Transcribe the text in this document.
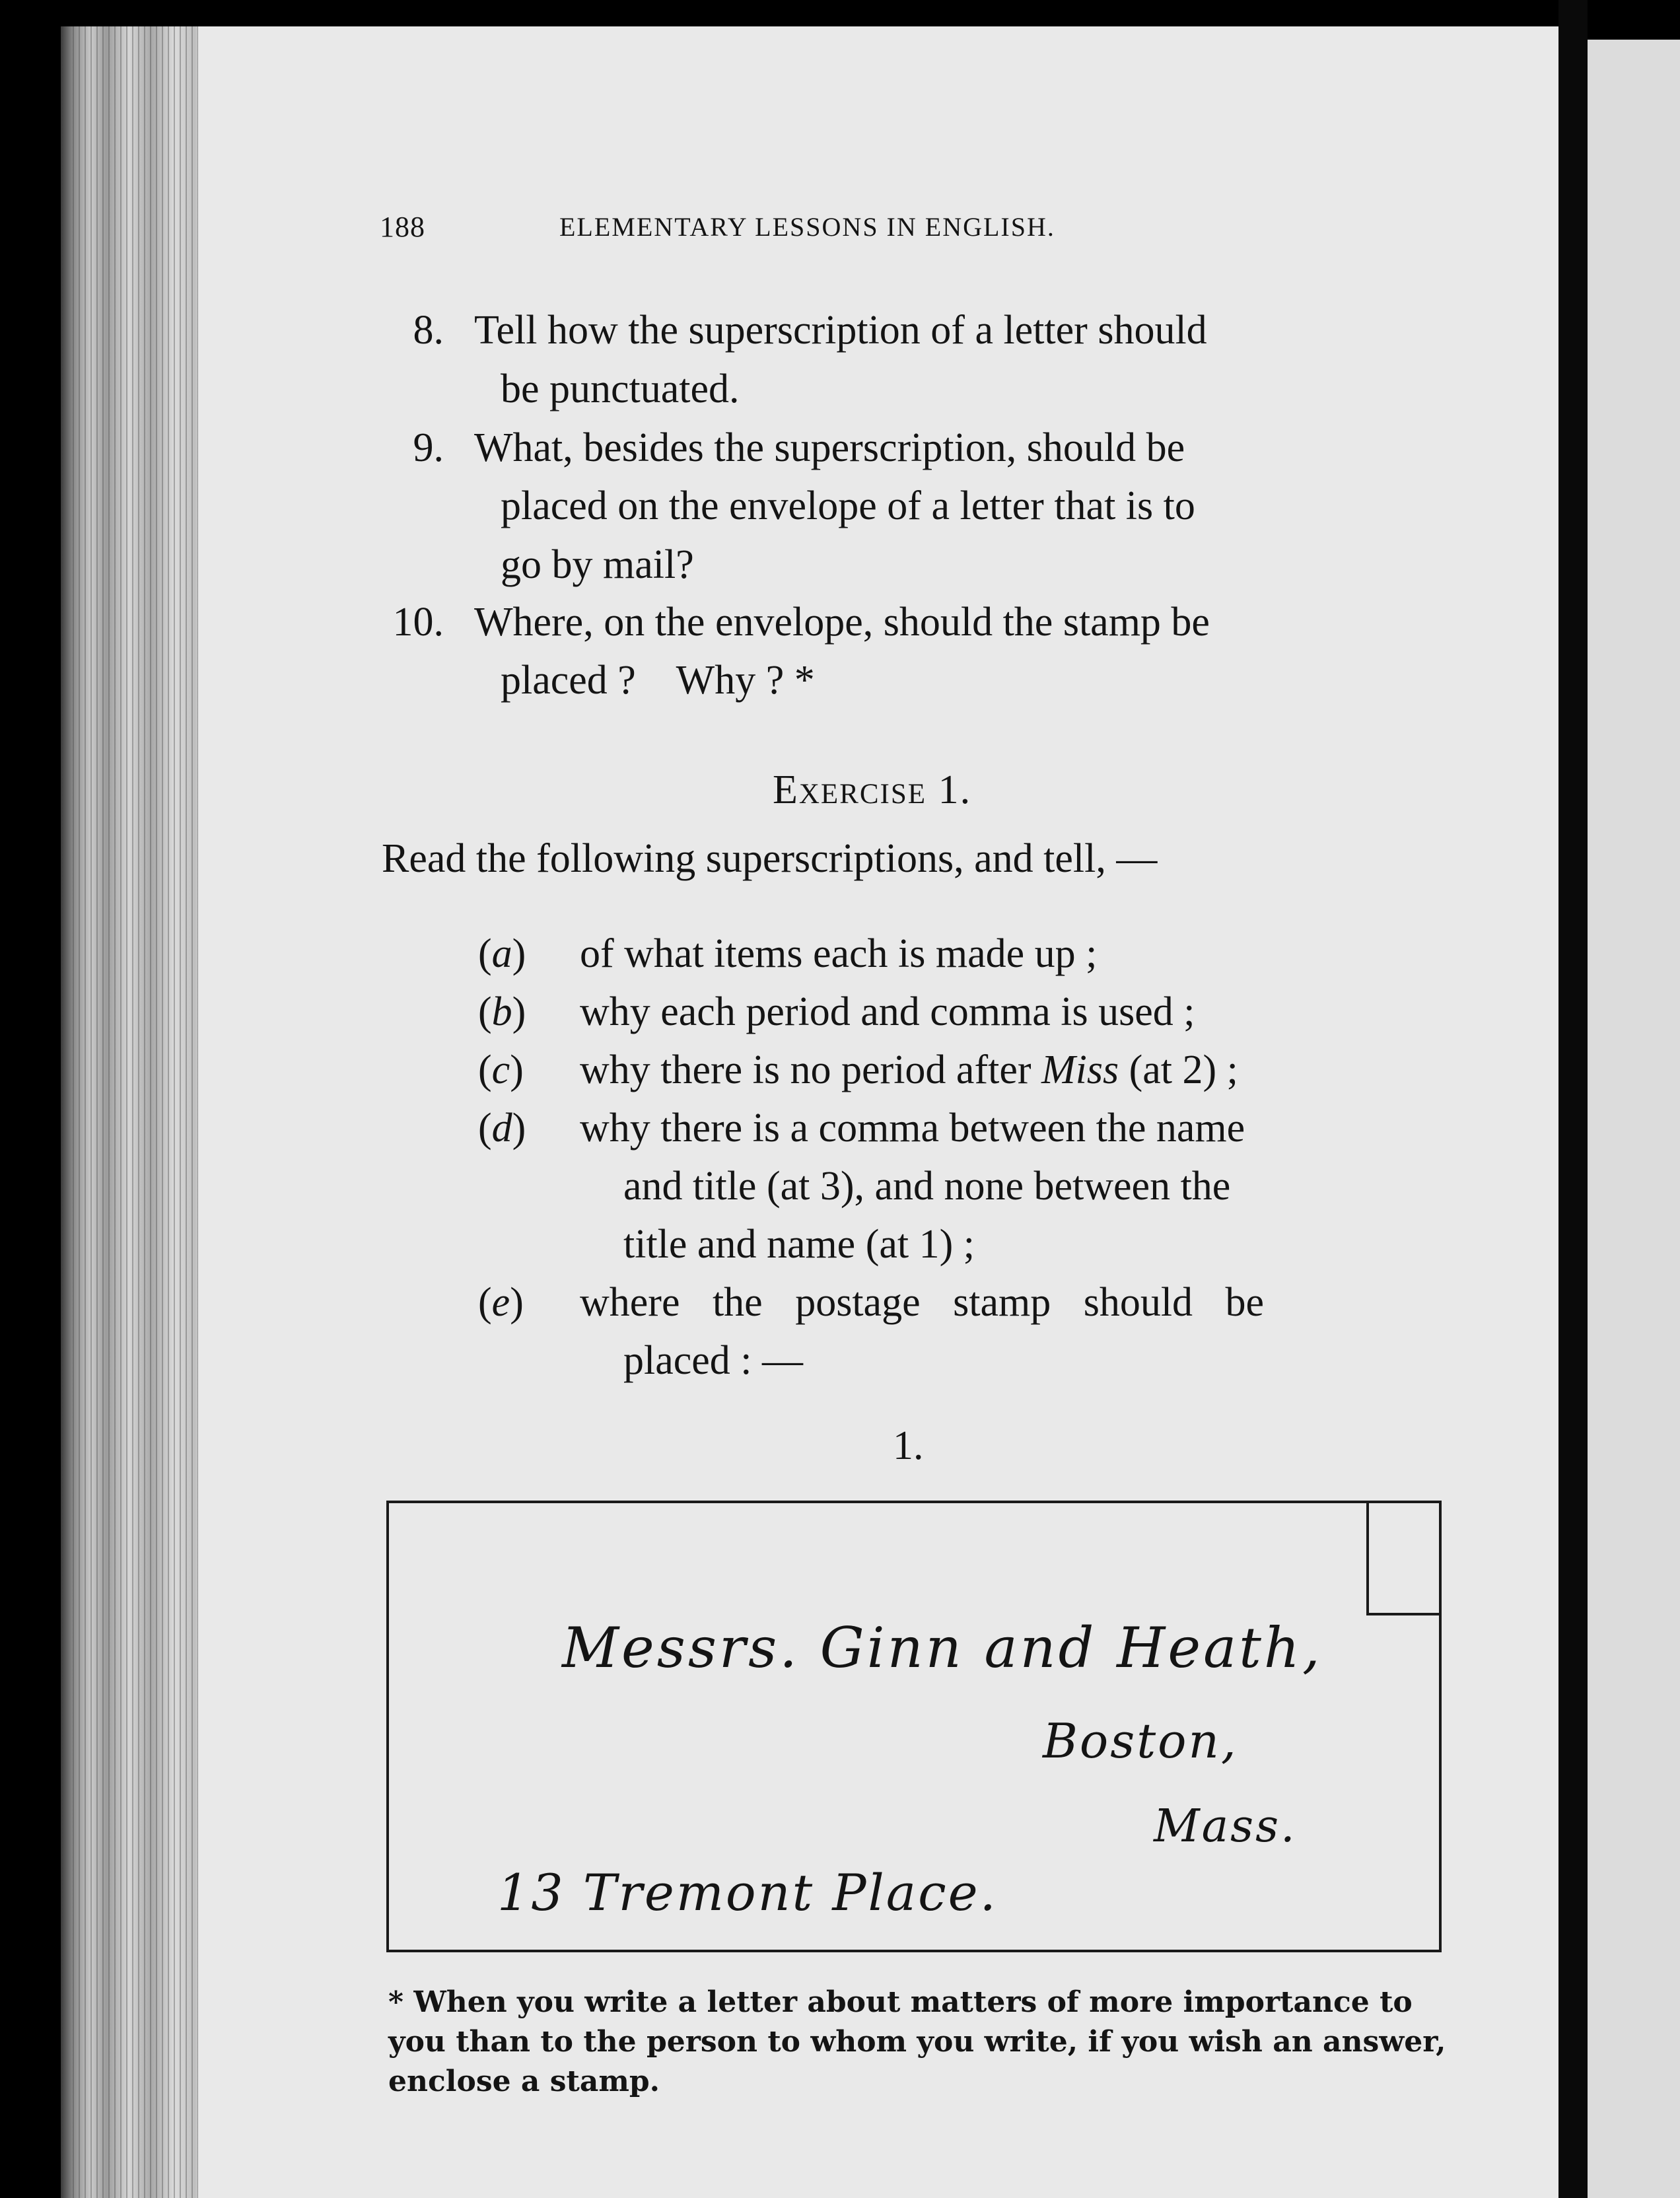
188	ELEMENTARY LESSONS IN ENGLISH.
8. Tell how the superscription of a letter should
be punctuated.
9. What, besides the superscription, should be
placed on the envelope of a letter that is to
go by mail?
10. Where, on the envelope, should the stamp be
placed ?    Why ? *
Exercise 1.
Read the following superscriptions, and tell, —
(a)	of what items each is made up ;
(b)	why each period and comma is used ;
(c)	why there is no period after Miss (at 2) ;
(d)	why there is a comma between the name
and title (at 3), and none between the
title and name (at 1) ;
(e)	where the postage stamp should be
placed : —
1.
Messrs. Ginn and Heath,
Boston,
Mass.
13 Tremont Place.
* When you write a letter about matters of more importance to
you than to the person to whom you write, if you wish an answer,
enclose a stamp.
